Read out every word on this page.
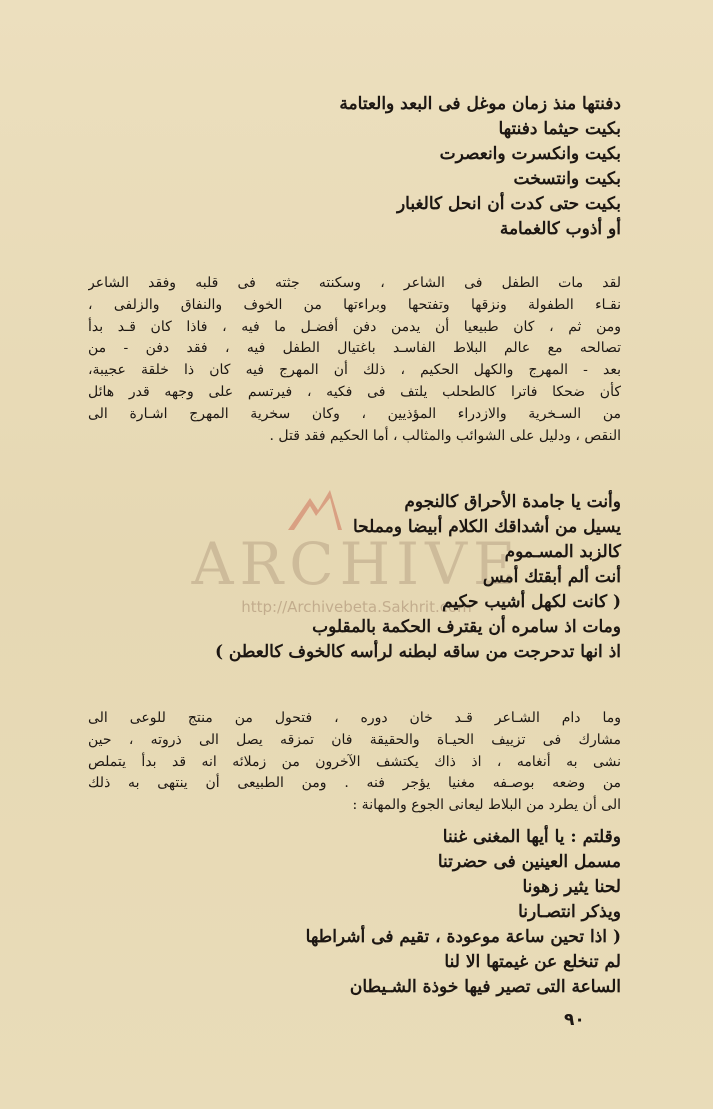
دفنتها منذ زمان موغل فى البعد والعتامة
بكيت حيثما دفنتها
بكيت وانكسرت وانعصرت
بكيت وانتسخت
بكيت حتى كدت أن انحل كالغبار
أو أذوب كالغمامة
لقد مات الطفل فى الشاعر ، وسكنته جثته فى قلبه وفقد الشاعر
نقـاء الطفولة ونزقها وتفتحها وبراءتها من الخوف والنفاق والزلفى ،
ومن ثم ، كان طبيعيا أن يدمن دفن أفضـل ما فيه ، فاذا كان قـد بدأ
تصالحه مع عالم البلاط الفاسـد باغتيال الطفل فيه ، فقد دفن - من
بعد - المهرج والكهل الحكيم ، ذلك أن المهرج فيه كان ذا خلقة عجيبة،
كأن ضحكا فاترا كالطحلب يلتف فى فكيه ، فيرتسم على وجهه قدر هائل
من السـخرية والازدراء المؤذيين ، وكان سخرية المهرج اشـارة الى
النقص ، ودليل على الشوائب والمثالب ، أما الحكيم فقد قتل .
ARCHIVE
http://Archivebeta.Sakhrit.com
وأنت يا جامدة الأحراق كالنجوم
يسيل من أشداقك الكلام أبيضا ومملحا
كالزبد المسـموم
أنت ألم أبقتك أمس
( كانت لكهل أشيب حكيم
ومات اذ سامره أن يقترف الحكمة بالمقلوب
اذ انها تدحرجت من ساقه لبطنه لرأسه كالخوف كالعطن )
وما دام الشـاعر قـد خان دوره ، فتحول من منتج للوعى الى
مشارك فى تزييف الحيـاة والحقيقة فان تمزقه يصل الى ذروته ، حين
نشى به أنغامه ، اذ ذاك يكتشف الآخرون من زملائه انه قد بدأ يتملص
من وضعه بوصـفه مغنيا يؤجر فنه . ومن الطبيعى أن ينتهى به ذلك
الى أن يطرد من البلاط ليعانى الجوع والمهانة :
وقلتم : يا أيها المغنى غننا
مسمل العينين فى حضرتنا
لحنا يثير زهونا
ويذكر انتصـارنا
( اذا تحين ساعة موعودة ، تقيم فى أشراطها
لم تنخلع عن غيمتها الا لنا
الساعة التى تصير فيها خوذة الشـيطان
٩٠
